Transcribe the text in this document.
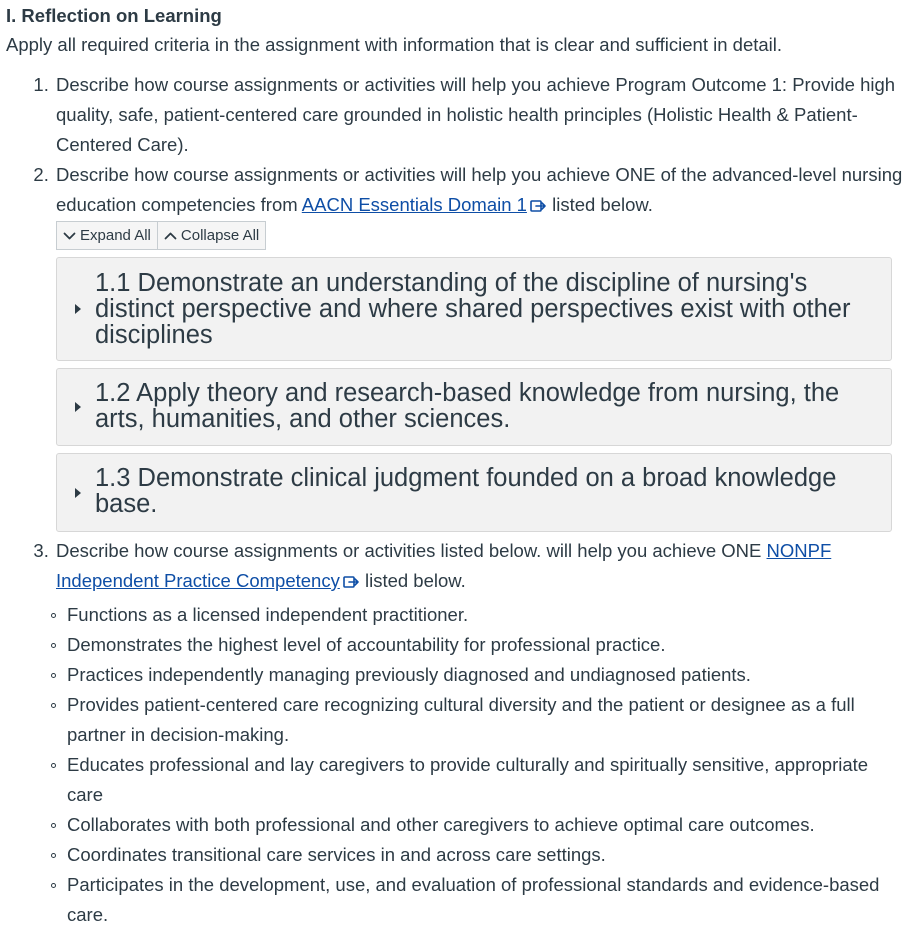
I. Reflection on Learning
Apply all required criteria in the assignment with information that is clear and sufficient in detail.
1. Describe how course assignments or activities will help you achieve Program Outcome 1: Provide high quality, safe, patient-centered care grounded in holistic health principles (Holistic Health & Patient-Centered Care).
2. Describe how course assignments or activities will help you achieve ONE of the advanced-level nursing education competencies from AACN Essentials Domain 1 listed below.
Expand All Collapse All
1.1 Demonstrate an understanding of the discipline of nursing's distinct perspective and where shared perspectives exist with other disciplines
1.2 Apply theory and research-based knowledge from nursing, the arts, humanities, and other sciences.
1.3 Demonstrate clinical judgment founded on a broad knowledge base.
3. Describe how course assignments or activities listed below. will help you achieve ONE NONPF Independent Practice Competency listed below.
Functions as a licensed independent practitioner.
Demonstrates the highest level of accountability for professional practice.
Practices independently managing previously diagnosed and undiagnosed patients.
Provides patient-centered care recognizing cultural diversity and the patient or designee as a full partner in decision-making.
Educates professional and lay caregivers to provide culturally and spiritually sensitive, appropriate care
Collaborates with both professional and other caregivers to achieve optimal care outcomes.
Coordinates transitional care services in and across care settings.
Participates in the development, use, and evaluation of professional standards and evidence-based care.
